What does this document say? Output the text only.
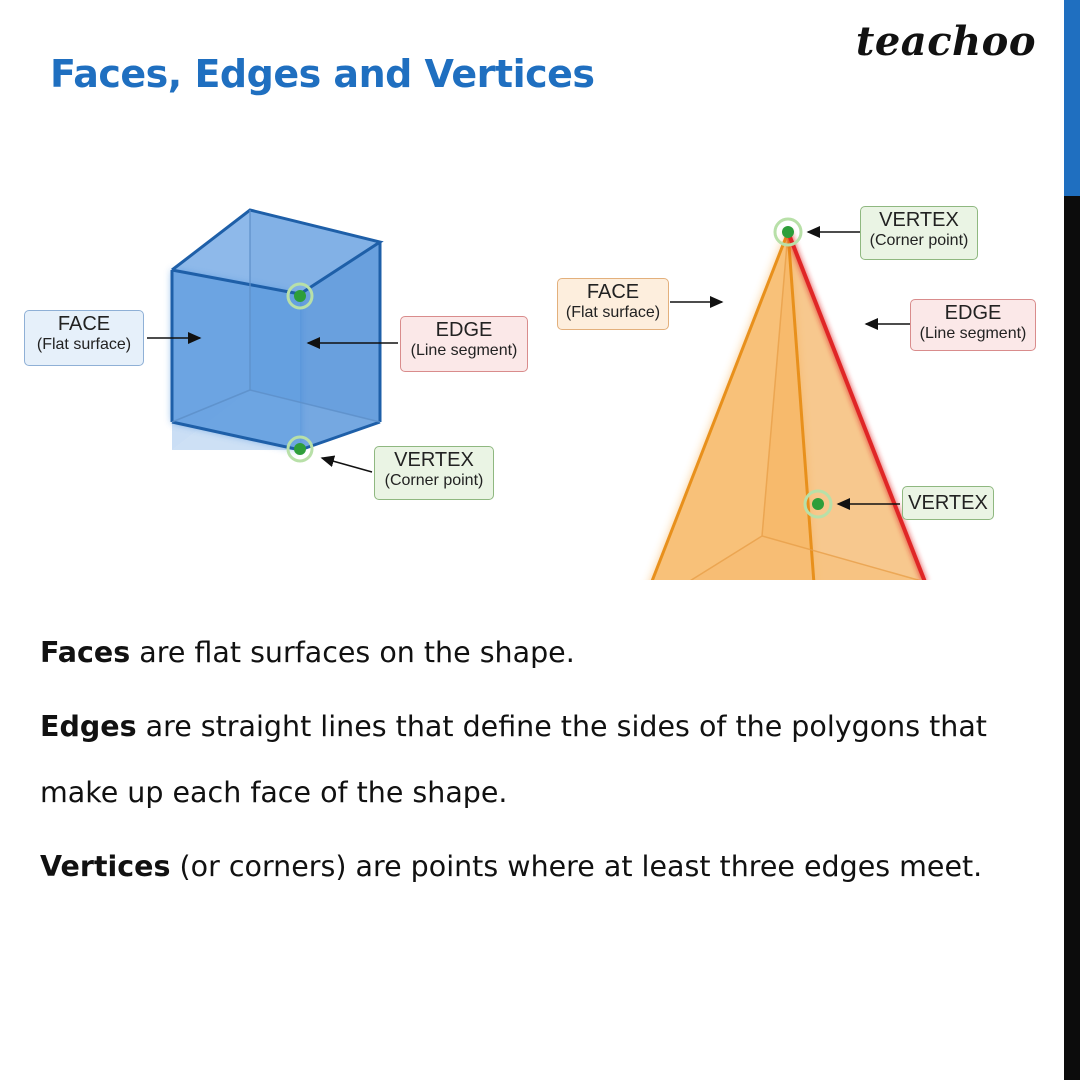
Faces, Edges and Vertices
teachoo
FACE
(Flat surface)
EDGE
(Line segment)
VERTEX
(Corner point)
FACE
(Flat surface)
VERTEX
(Corner point)
EDGE
(Line segment)
VERTEX

Faces are flat surfaces on the shape.

Edges are straight lines that define the sides of the polygons that make up each face of the shape.

Vertices (or corners) are points where at least three edges meet.
